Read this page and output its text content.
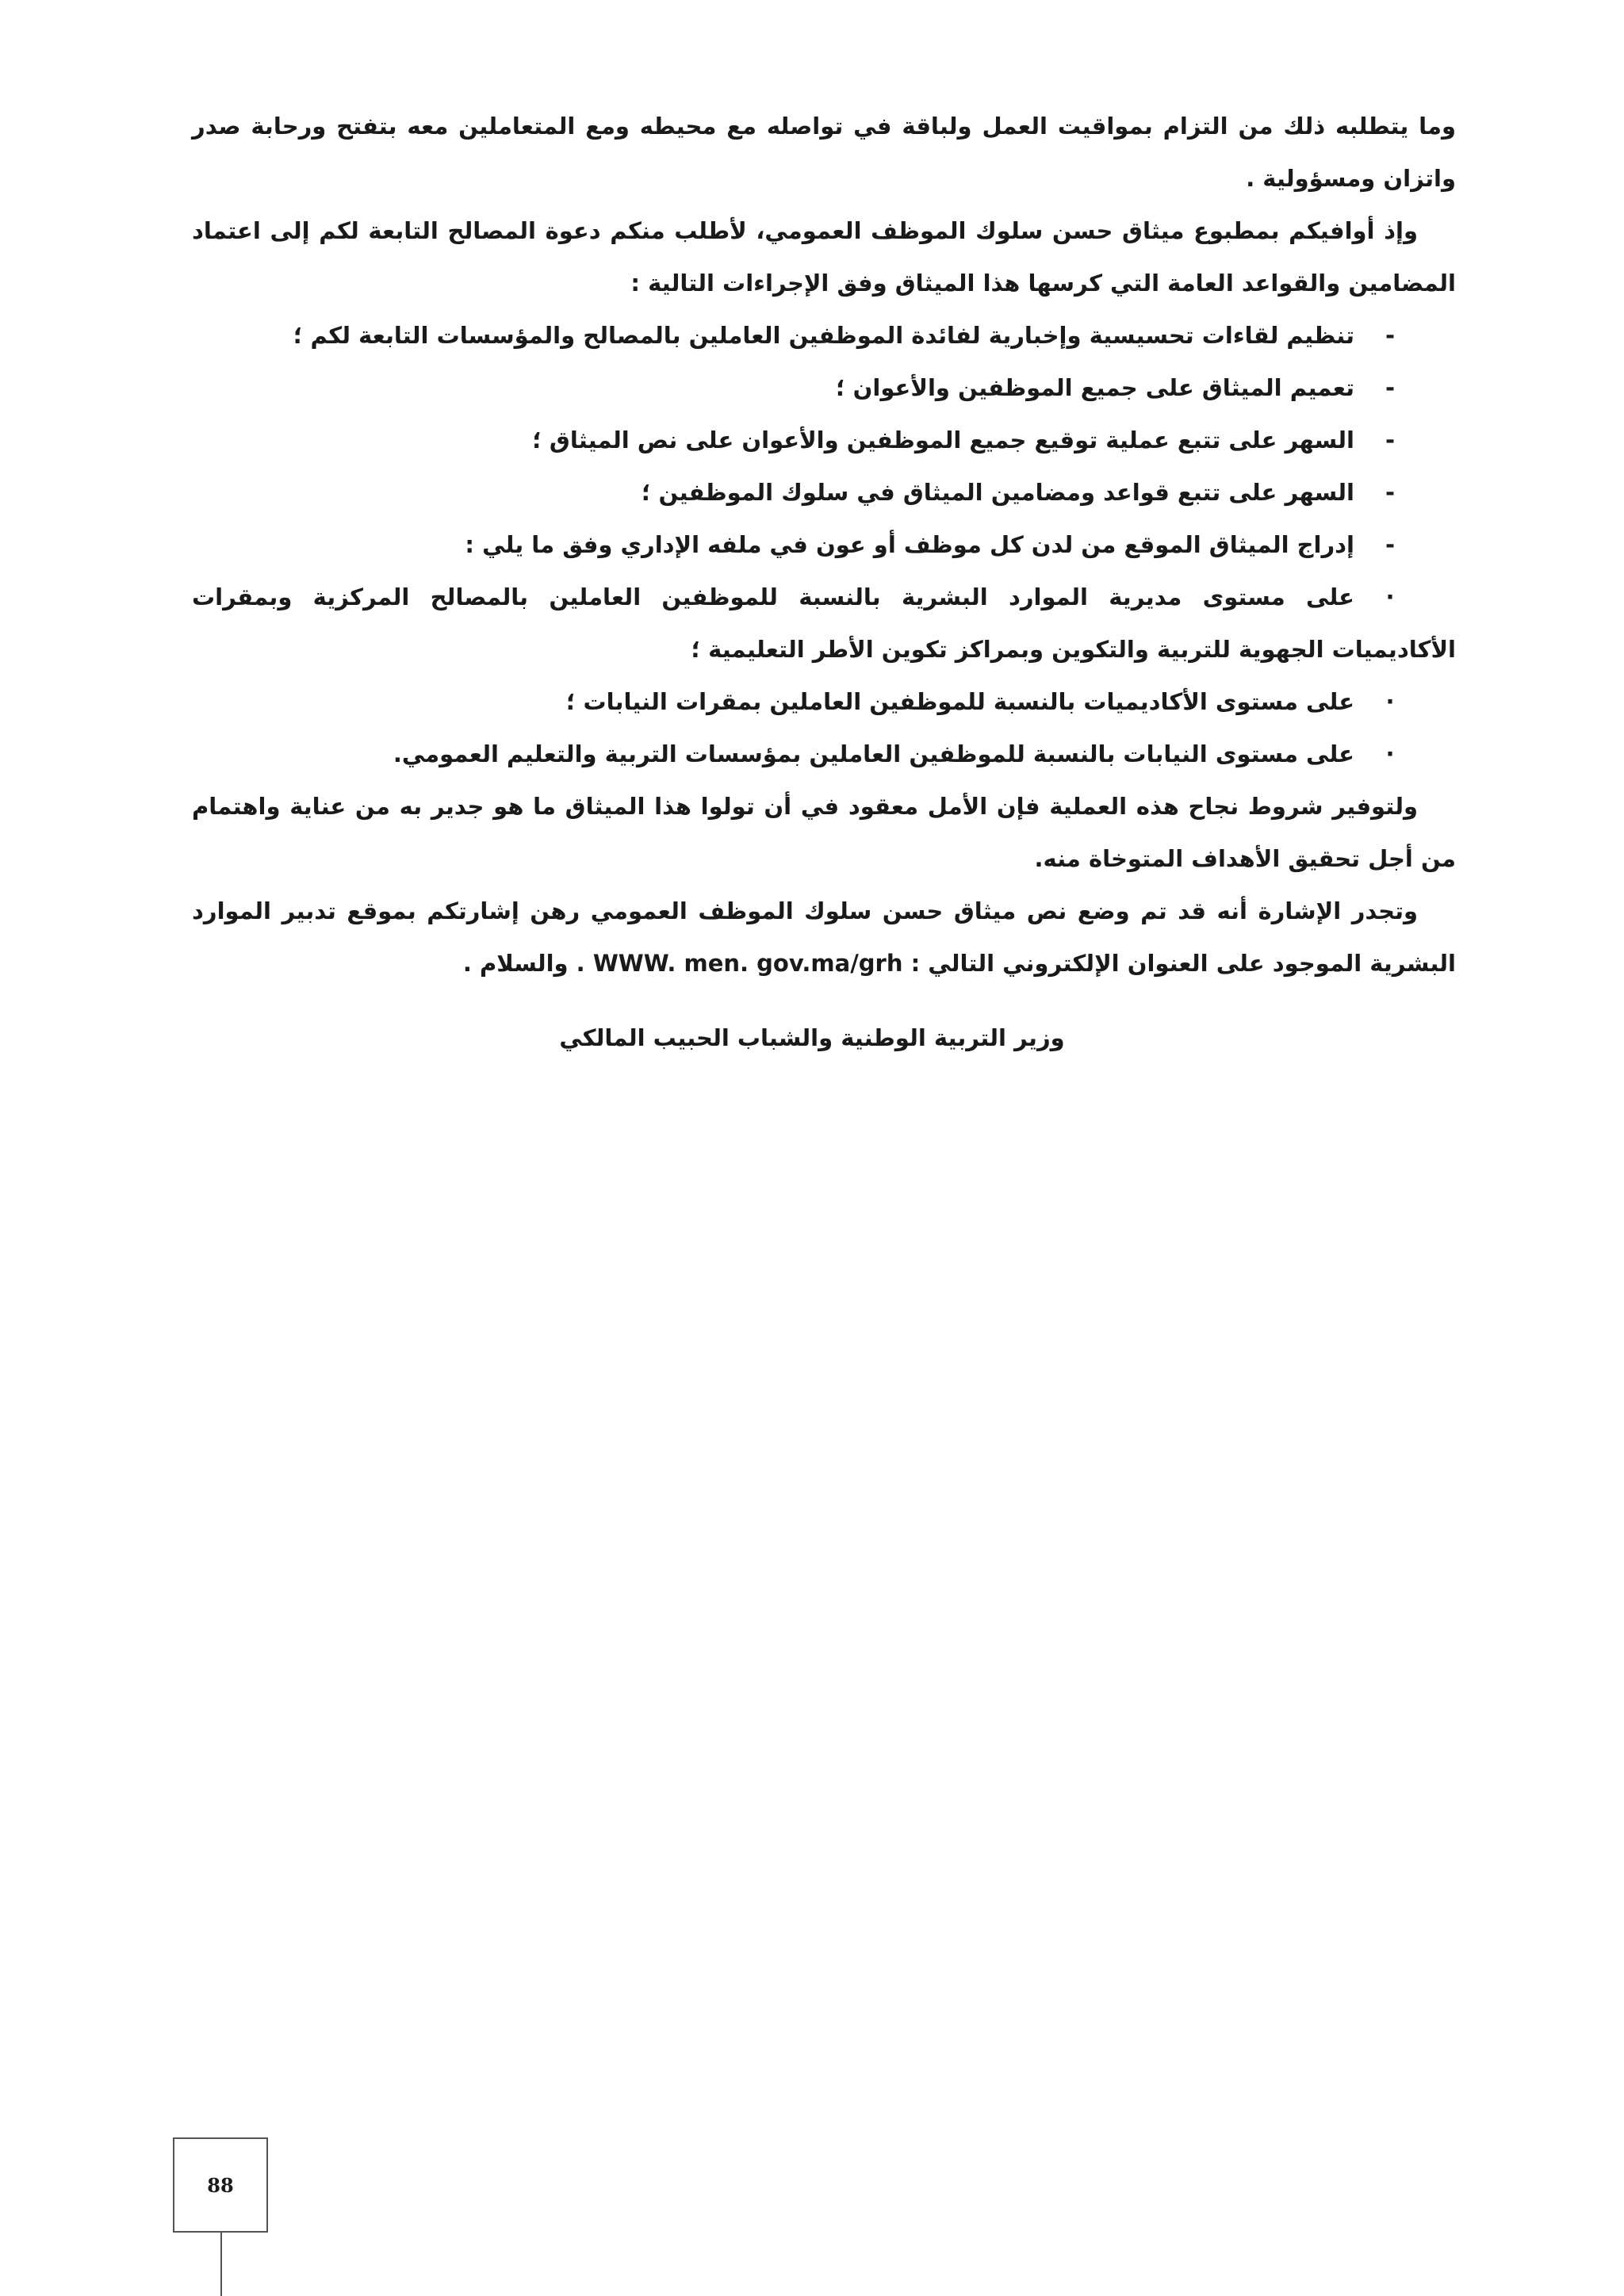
وما يتطلبه ذلك من التزام بمواقيت العمل ولباقة في تواصله مع محيطه ومع المتعاملين معه بتفتح ورحابة صدر واتزان ومسؤولية .

وإذ أوافيكم بمطبوع ميثاق حسن سلوك الموظف العمومي، لأطلب منكم دعوة المصالح التابعة لكم إلى اعتماد المضامين والقواعد العامة التي كرسها هذا الميثاق وفق الإجراءات التالية :

-
تنظيم لقاءات تحسيسية وإخبارية لفائدة الموظفين العاملين بالمصالح والمؤسسات التابعة لكم ؛
-
تعميم الميثاق على جميع الموظفين والأعوان ؛
-
السهر على تتبع عملية توقيع جميع الموظفين والأعوان على نص الميثاق ؛
-
السهر على تتبع قواعد ومضامين الميثاق في سلوك الموظفين ؛
-
إدراج الميثاق الموقع من لدن كل موظف أو عون في ملفه الإداري وفق ما يلي :
·
على مستوى مديرية الموارد البشرية بالنسبة للموظفين العاملين بالمصالح المركزية وبمقرات الأكاديميات الجهوية للتربية والتكوين وبمراكز تكوين الأطر التعليمية ؛
·
على مستوى الأكاديميات بالنسبة للموظفين العاملين بمقرات النيابات ؛
·
على مستوى النيابات بالنسبة للموظفين العاملين بمؤسسات التربية والتعليم العمومي.

ولتوفير شروط نجاح هذه العملية فإن الأمل معقود في أن تولوا هذا الميثاق ما هو جدير به من عناية واهتمام من أجل تحقيق الأهداف المتوخاة منه.

وتجدر الإشارة أنه قد تم وضع نص ميثاق حسن سلوك الموظف العمومي رهن إشارتكم بموقع تدبير الموارد البشرية الموجود على العنوان الإلكتروني التالي : WWW. men. gov.ma/grh . والسلام .

وزير التربية الوطنية والشباب الحبيب المالكي
88
